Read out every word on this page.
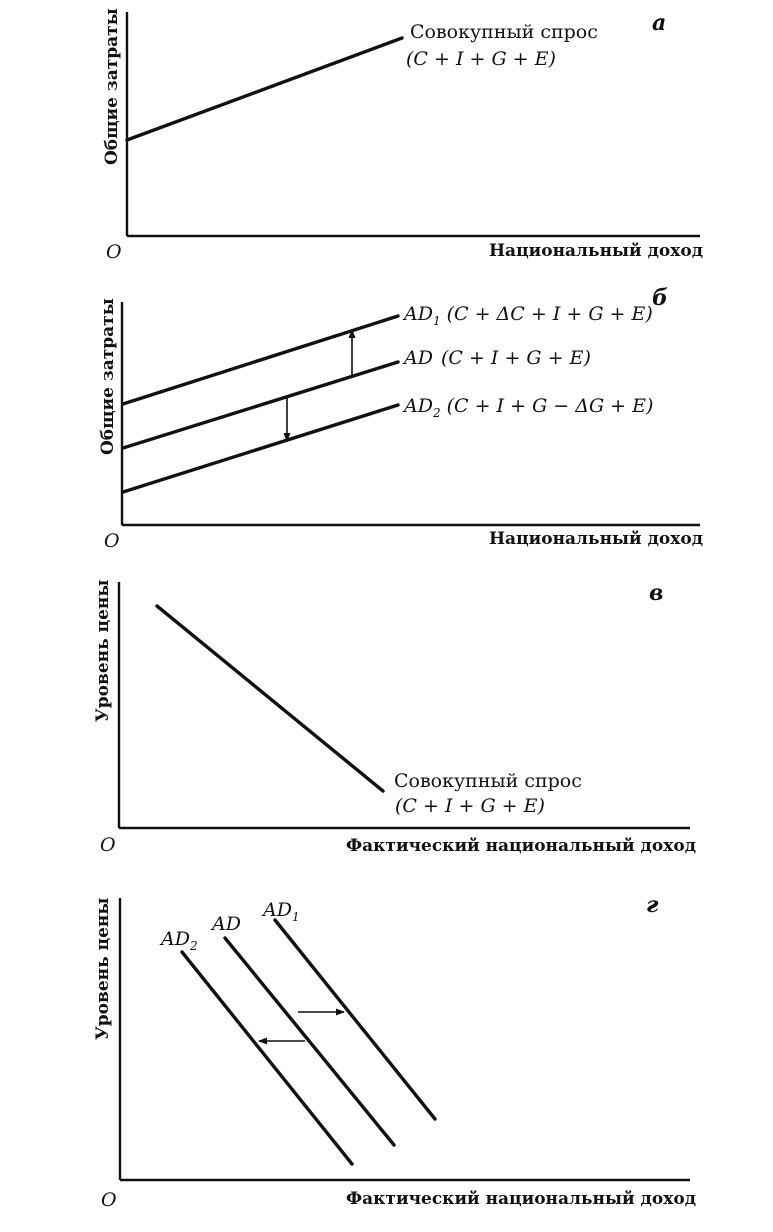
O	Национальный доход
Общие затраты	а
Совокупный спрос
(C + I + G + E)
O	Национальный доход
Общие затраты
б
$AD_1$ (C + ΔC + I + G + E)
AD (C + I + G + E)
$AD_2$ (C + I + G − ΔG + E)
O	Фактический национальный доход
Уровень цены	в
Совокупный спрос
(C + I + G + E)
O	Фактический национальный доход
Уровень цены	г
$AD_2$
AD
$AD_1$
